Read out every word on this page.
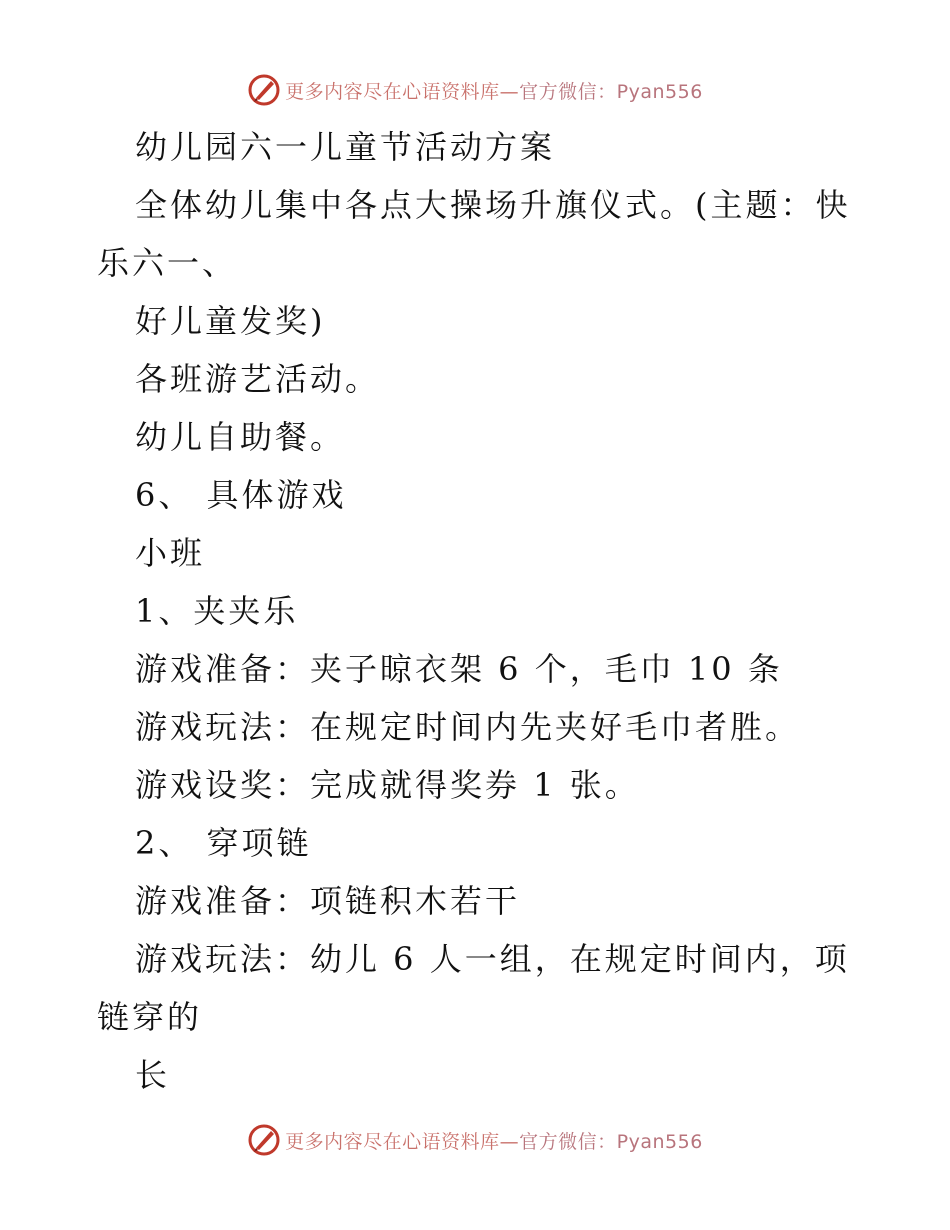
更多内容尽在心语资料库—官方微信：Pyan556

幼儿园六一儿童节活动方案

全体幼儿集中各点大操场升旗仪式。(主题：快

乐六一、

好儿童发奖)

各班游艺活动。

幼儿自助餐。

6、 具体游戏

小班

1、夹夹乐

游戏准备：夹子晾衣架 6 个，毛巾 10 条

游戏玩法：在规定时间内先夹好毛巾者胜。

游戏设奖：完成就得奖券 1 张。

2、 穿项链

游戏准备：项链积木若干

游戏玩法：幼儿 6 人一组，在规定时间内，项

链穿的

长

更多内容尽在心语资料库—官方微信：Pyan556
